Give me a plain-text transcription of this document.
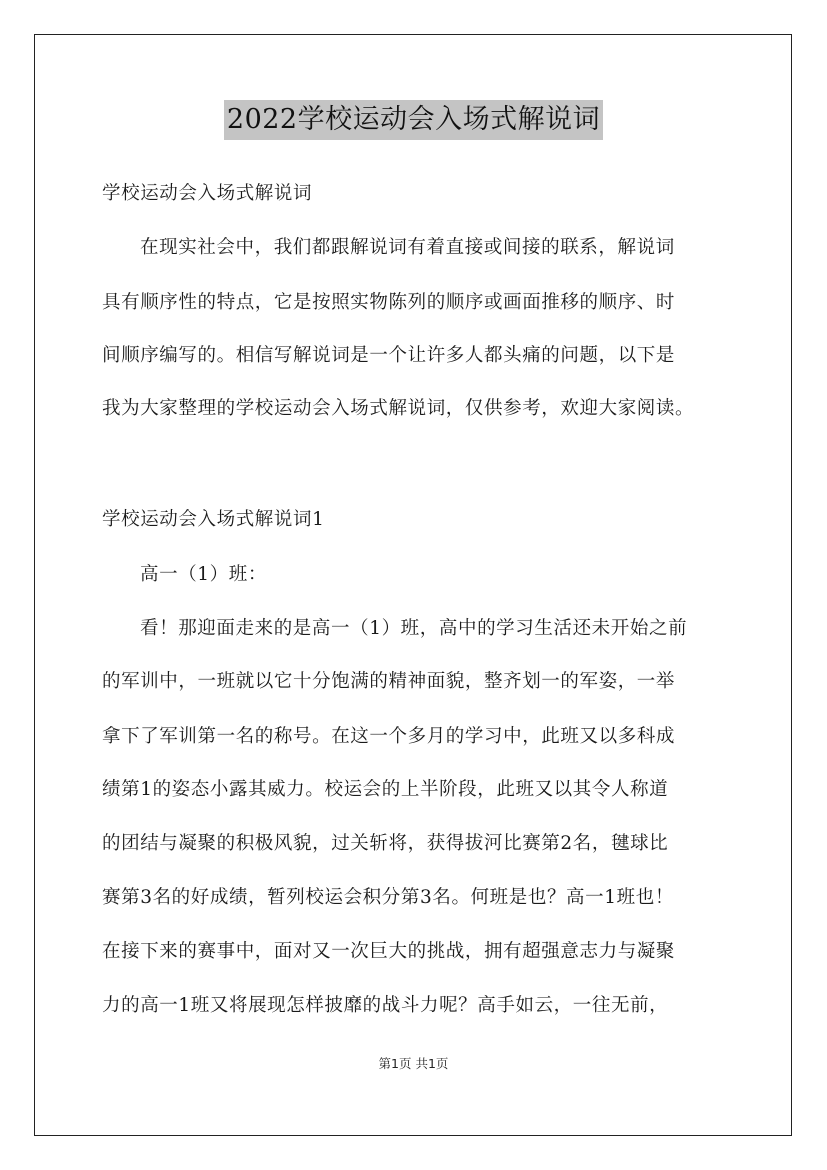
2022学校运动会入场式解说词
学校运动会入场式解说词
在现实社会中，我们都跟解说词有着直接或间接的联系，解说词
具有顺序性的特点，它是按照实物陈列的顺序或画面推移的顺序、时
间顺序编写的。相信写解说词是一个让许多人都头痛的问题，以下是
我为大家整理的学校运动会入场式解说词，仅供参考，欢迎大家阅读。
学校运动会入场式解说词1
高一（1）班：
看！那迎面走来的是高一（1）班，高中的学习生活还未开始之前
的军训中，一班就以它十分饱满的精神面貌，整齐划一的军姿，一举
拿下了军训第一名的称号。在这一个多月的学习中，此班又以多科成
绩第1的姿态小露其威力。校运会的上半阶段，此班又以其令人称道
的团结与凝聚的积极风貌，过关斩将，获得拔河比赛第2名，毽球比
赛第3名的好成绩，暂列校运会积分第3名。何班是也？高一1班也！
在接下来的赛事中，面对又一次巨大的挑战，拥有超强意志力与凝聚
力的高一1班又将展现怎样披靡的战斗力呢？高手如云，一往无前，
第1页 共1页
